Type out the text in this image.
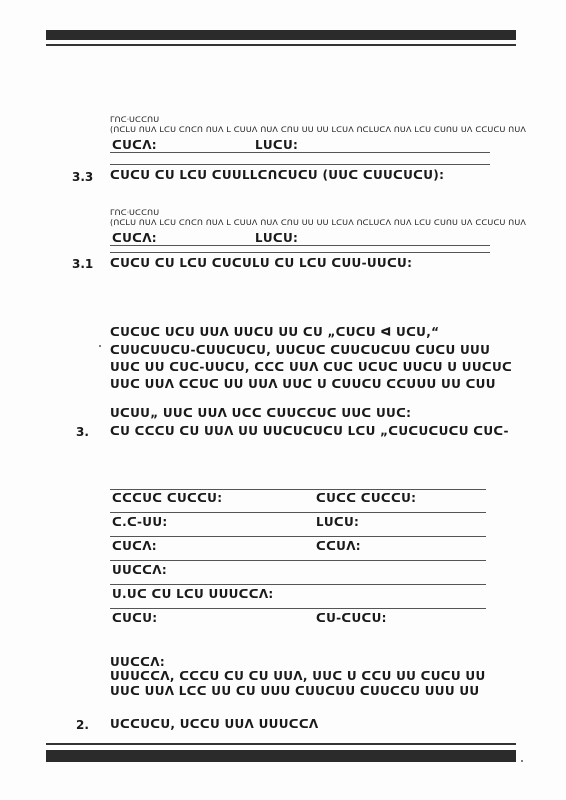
ᒥᑎᑕᐧᑌᑕᑕᑎᑌ
(ᑎᑕᒪᑌ ᑎᑌᐱ ᒪᑕᑌ ᑕᑎᑕᑎ ᑎᑌᐱ ᒪ ᑕᑌᑌᐱ ᑎᑌᐱ ᑕᑎᑌ ᑌᑌ ᑌᑌ ᒪᑕᑌᐱ ᑎᑕᒪᑌᑕᐱ ᑎᑌᐱ ᒪᑕᑌ ᑕᑌᑎᑌ ᑌᐱ ᑕᑕᑌᑕᑌ ᑎᑌᐱ
ᑕᑌᑕᐱ:	ᒪᑌᑕᑌ:
3.3 ᑕᑌᑕᑌ ᑕᑌ ᒪᑕᑌ ᑕᑌᑌᒪᒪᑕᑎᑕᑌᑕᑌ (ᑌᑌᑕ ᑕᑌᑌᑕᑌᑕᑌ):
ᒥᑎᑕᐧᑌᑕᑕᑎᑌ
(ᑎᑕᒪᑌ ᑎᑌᐱ ᒪᑕᑌ ᑕᑎᑕᑎ ᑎᑌᐱ ᒪ ᑕᑌᑌᐱ ᑎᑌᐱ ᑕᑎᑌ ᑌᑌ ᑌᑌ ᒪᑕᑌᐱ ᑎᑕᒪᑌᑕᐱ ᑎᑌᐱ ᒪᑕᑌ ᑕᑌᑎᑌ ᑌᐱ ᑕᑕᑌᑕᑌ ᑎᑌᐱ
ᑕᑌᑕᐱ:	ᒪᑌᑕᑌ:
3.1 ᑕᑌᑕᑌ ᑕᑌ ᒪᑕᑌ ᑕᑌᑕᑌᒪᑌ ᑕᑌ ᒪᑕᑌ ᑕᑌᑌ-ᑌᑌᑕᑌ:
ᑕᑌᑕᑌᑕ ᑌᑕᑌ ᑌᑌᐱ ᑌᑌᑕᑌ ᑌᑌ ᑕᑌ „ᑕᑌᑕᑌ ᐊ ᑌᑕᑌ,“
ᑕᑌᑌᑕᑌᑌᑕᑌ-ᑕᑌᑌᑕᑌᑕᑌ, ᑌᑌᑕᑌᑕ ᑕᑌᑌᑕᑌᑕᑌᑌ ᑕᑌᑕᑌ ᑌᑌᑌ
ᑌᑌᑕ ᑌᑌ ᑕᑌᑕ-ᑌᑌᑕᑌ, ᑕᑕᑕ ᑌᑌᐱ ᑕᑌᑕ ᑌᑕᑌᑕ ᑌᑌᑕᑌ ᑌ ᑌᑌᑕᑌᑕ
ᑌᑌᑕ ᑌᑌᐱ ᑕᑕᑌᑕ ᑌᑌ ᑌᑌᐱ ᑌᑌᑕ ᑌ ᑕᑌᑌᑕᑌ ᑕᑕᑌᑌᑌ ᑌᑌ ᑕᑌᑌ
ᑌᑕᑌᑌ„ ᑌᑌᑕ ᑌᑌᐱ ᑌᑕᑕ ᑕᑌᑌᑕᑕᑌᑕ ᑌᑌᑕ ᑌᑌᑕ:
3. ᑕᑌ ᑕᑕᑕᑌ ᑕᑌ ᑌᑌᐱ ᑌᑌ ᑌᑌᑕᑌᑕᑌᑕᑌ ᒪᑕᑌ „ᑕᑌᑕᑌᑕᑌᑕᑌ ᑕᑌᑕ-
ᑕᑕᑕᑌᑕ ᑕᑌᑕᑕᑌ:	ᑕᑌᑕᑕ ᑕᑌᑕᑕᑌ:
ᑕ.ᑕ-ᑌᑌ:	ᒪᑌᑕᑌ:
ᑕᑌᑕᐱ:	ᑕᑕᑌᐱ:
ᑌᑌᑕᑕᐱ:
ᑌ.ᑌᑕ ᑕᑌ ᒪᑕᑌ ᑌᑌᑌᑕᑕᐱ:
ᑕᑌᑕᑌ:	ᑕᑌ-ᑕᑌᑕᑌ:
ᑌᑌᑕᑕᐱ:
ᑌᑌᑌᑕᑕᐱ, ᑕᑕᑕᑌ ᑕᑌ ᑕᑌ ᑌᑌᐱ, ᑌᑌᑕ ᑌ ᑕᑕᑌ ᑌᑌ ᑕᑌᑕᑌ ᑌᑌ
ᑌᑌᑕ ᑌᑌᐱ ᒪᑕᑕ ᑌᑌ ᑕᑌ ᑌᑌᑌ ᑕᑌᑌᑕᑌᑌ ᑕᑌᑌᑕᑕᑌ ᑌᑌᑌ ᑌᑌ
2. ᑌᑕᑕᑌᑕᑌ, ᑌᑕᑕᑌ ᑌᑌᐱ ᑌᑌᑌᑕᑕᐱ
